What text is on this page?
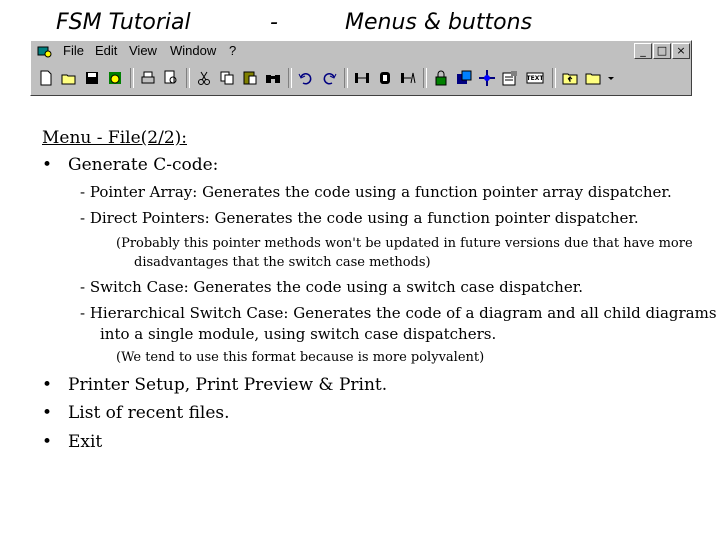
FSM Tutorial	-	Menus & buttons
File Edit View Window ?	_	□ ×
TEXT
Menu - File(2/2):
• Generate C-code:
- Pointer Array: Generates the code using a function pointer array dispatcher.
- Direct Pointers: Generates the code using a function pointer dispatcher.
(Probably this pointer methods won't be updated in future versions due that have more
disadvantages that the switch case methods)
- Switch Case: Generates the code using a switch case dispatcher.
- Hierarchical Switch Case: Generates the code of a diagram and all child diagrams
into a single module, using switch case dispatchers.
(We tend to use this format because is more polyvalent)
• Printer Setup, Print Preview & Print.
• List of recent files.
• Exit
